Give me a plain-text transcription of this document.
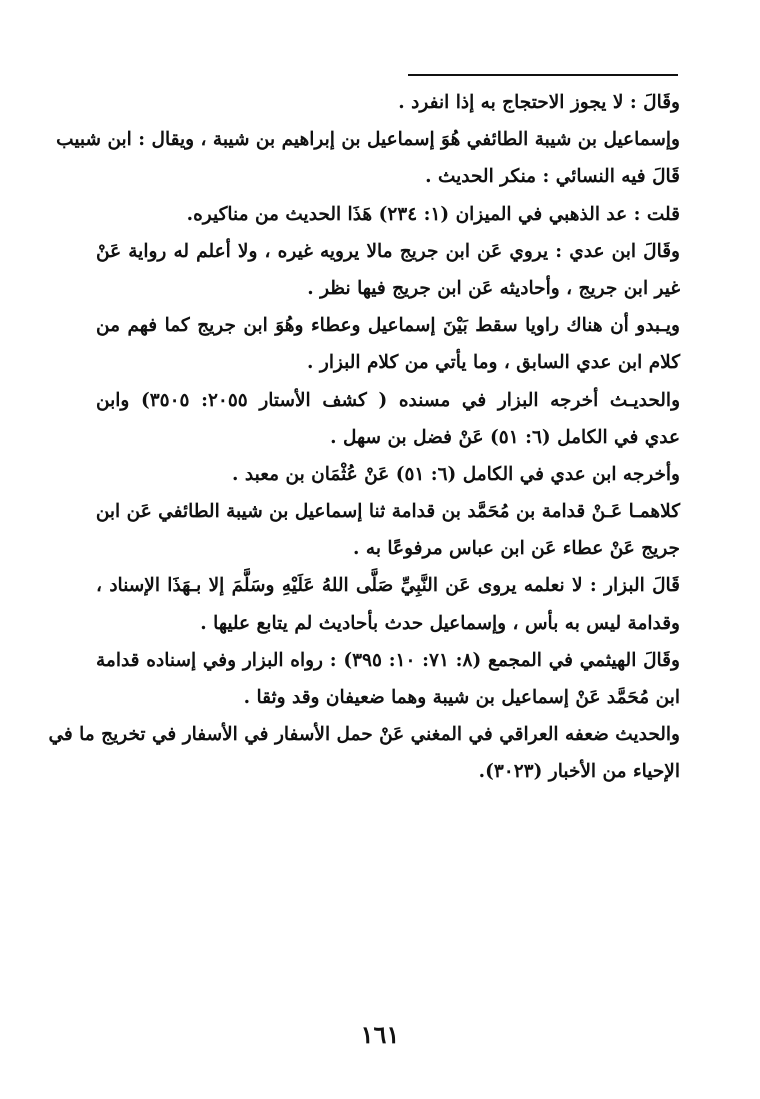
وقَالَ : لا يجوز الاحتجاج به إذا انفرد .
وإسماعيل بن شيبة الطائفي هُوَ إسماعيل بن إبراهيم بن شيبة ، ويقال : ابن شبيب
قَالَ فيه النسائي : منكر الحديث .
قلت : عد الذهبي في الميزان (١: ٢٣٤) هَذَا الحديث من مناكيره.
وقَالَ ابن عدي : يروي عَن ابن جريج مالا يرويه غيره ، ولا أعلم له رواية عَنْ
غير ابن جريج ، وأحاديثه عَن ابن جريج فيها نظر .
ويـبدو أن هناك راويا سقط بَيْنَ إسماعيل وعطاء وهُوَ ابن جريج كما فهم من
كلام ابن عدي السابق ، وما يأتي من كلام البزار .
والحديـث أخرجه البزار في مسنده ( كشف الأستار ٢٠٥٥: ٣٥٠٥) وابن
عدي في الكامل (٦: ٥١) عَنْ فضل بن سهل .
وأخرجه ابن عدي في الكامل (٦: ٥١) عَنْ عُثْمَان بن معبد .
كلاهمـا عَـنْ قدامة بن مُحَمَّد بن قدامة ثنا إسماعيل بن شيبة الطائفي عَن ابن
جريج عَنْ عطاء عَن ابن عباس مرفوعًا به .
قَالَ البزار : لا نعلمه يروى عَن النَّبِيِّ صَلَّى اللهُ عَلَيْهِ وسَلَّمَ إلا بـهَذَا الإسناد ،
وقدامة ليس به بأس ، وإسماعيل حدث بأحاديث لم يتابع عليها .
وقَالَ الهيثمي في المجمع (٨: ٧١: ١٠: ٣٩٥) : رواه البزار وفي إسناده قدامة
ابن مُحَمَّد عَنْ إسماعيل بن شيبة وهما ضعيفان وقد وثقا .
والحديث ضعفه العراقي في المغني عَنْ حمل الأسفار في الأسفار في تخريج ما في
الإحياء من الأخبار (٣٠٢٣).
١٦١
